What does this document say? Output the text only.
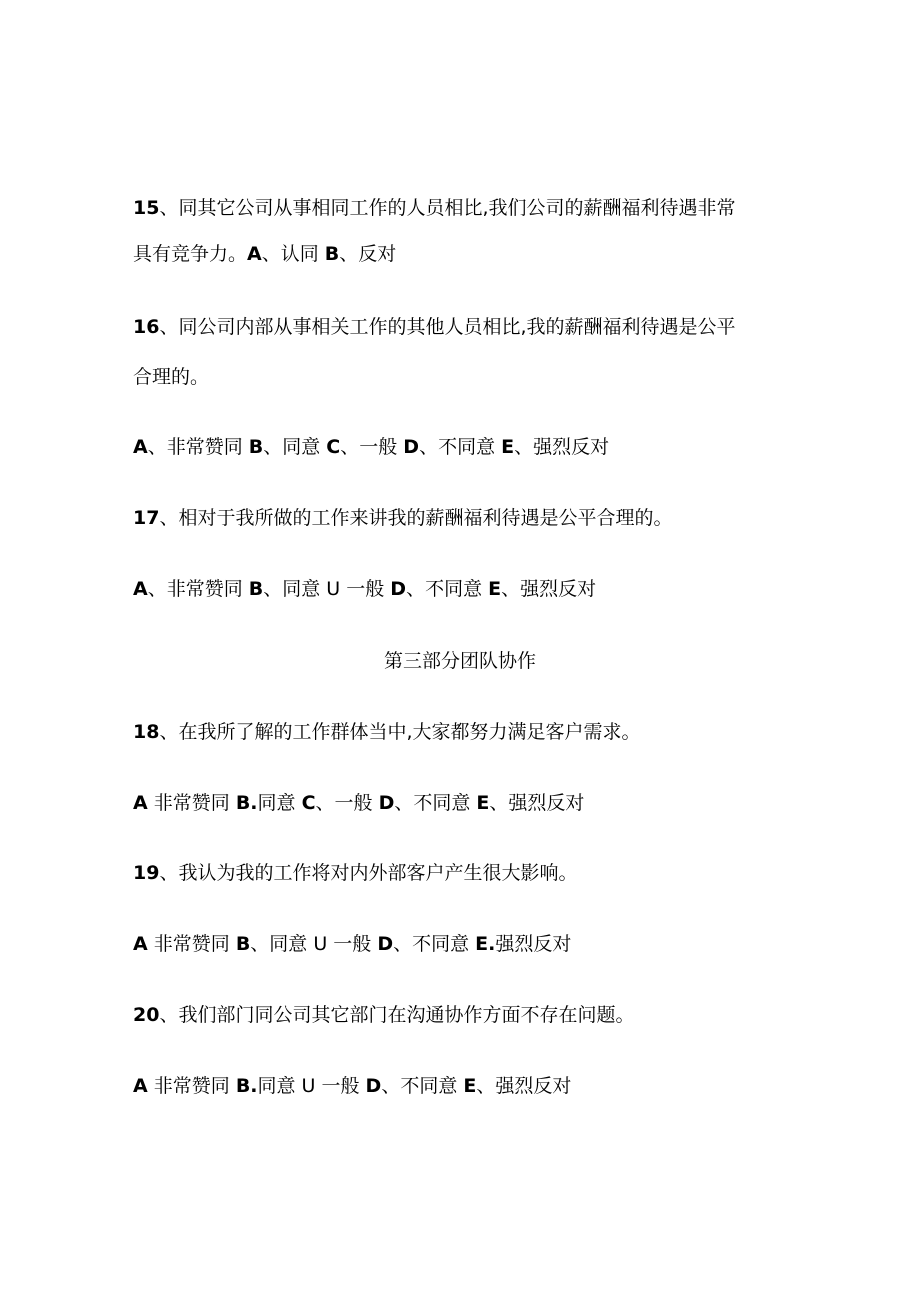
15、同其它公司从事相同工作的人员相比,我们公司的薪酬福利待遇非常
具有竞争力。A、认同 B、反对
16、同公司内部从事相关工作的其他人员相比,我的薪酬福利待遇是公平
合理的。
A、非常赞同 B、同意 C、一般 D、不同意 E、强烈反对
17、相对于我所做的工作来讲我的薪酬福利待遇是公平合理的。
A、非常赞同 B、同意 U 一般 D、不同意 E、强烈反对
第三部分团队协作
18、在我所了解的工作群体当中,大家都努力满足客户需求。
A 非常赞同 B.同意 C、一般 D、不同意 E、强烈反对
19、我认为我的工作将对内外部客户产生很大影响。
A 非常赞同 B、同意 U 一般 D、不同意 E.强烈反对
20、我们部门同公司其它部门在沟通协作方面不存在问题。
A 非常赞同 B.同意 U 一般 D、不同意 E、强烈反对
